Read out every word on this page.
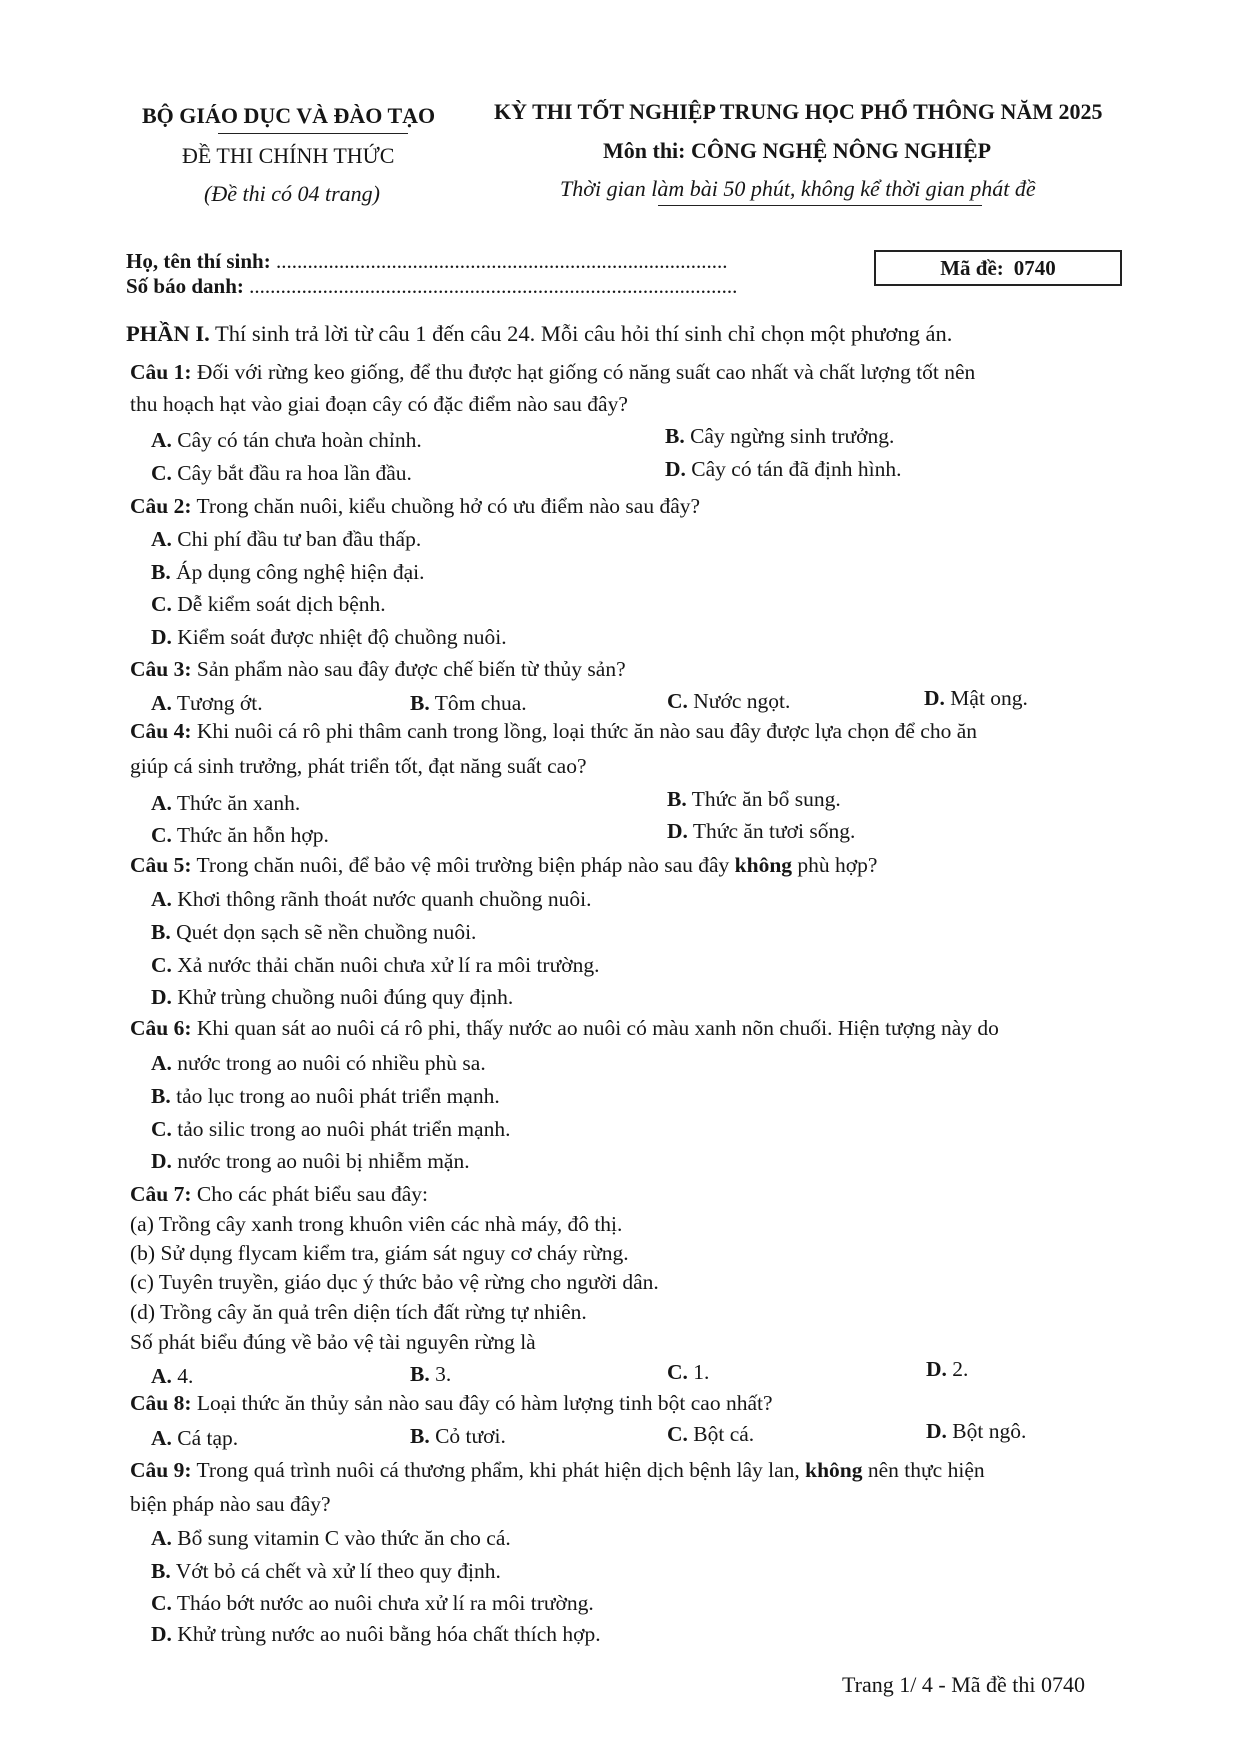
BỘ GIÁO DỤC VÀ ĐÀO TẠO
ĐỀ THI CHÍNH THỨC
(Đề thi có 04 trang)
KỲ THI TỐT NGHIỆP TRUNG HỌC PHỔ THÔNG NĂM 2025
Môn thi: CÔNG NGHỆ NÔNG NGHIỆP
Thời gian làm bài 50 phút, không kể thời gian phát đề
Họ, tên thí sinh: ......................................................................................
Số báo danh: .............................................................................................
Mã đề: 0740
PHẦN I. Thí sinh trả lời từ câu 1 đến câu 24. Mỗi câu hỏi thí sinh chỉ chọn một phương án.
Câu 1: Đối với rừng keo giống, để thu được hạt giống có năng suất cao nhất và chất lượng tốt nên
thu hoạch hạt vào giai đoạn cây có đặc điểm nào sau đây?
A. Cây có tán chưa hoàn chỉnh.	B. Cây ngừng sinh trưởng.
C. Cây bắt đầu ra hoa lần đầu.	D. Cây có tán đã định hình.
Câu 2: Trong chăn nuôi, kiểu chuồng hở có ưu điểm nào sau đây?
A. Chi phí đầu tư ban đầu thấp.
B. Áp dụng công nghệ hiện đại.
C. Dễ kiểm soát dịch bệnh.
D. Kiểm soát được nhiệt độ chuồng nuôi.
Câu 3: Sản phẩm nào sau đây được chế biến từ thủy sản?
A. Tương ớt.	B. Tôm chua.	C. Nước ngọt.	D. Mật ong.
Câu 4: Khi nuôi cá rô phi thâm canh trong lồng, loại thức ăn nào sau đây được lựa chọn để cho ăn
giúp cá sinh trưởng, phát triển tốt, đạt năng suất cao?
A. Thức ăn xanh.	B. Thức ăn bổ sung.
C. Thức ăn hỗn hợp.	D. Thức ăn tươi sống.
Câu 5: Trong chăn nuôi, để bảo vệ môi trường biện pháp nào sau đây không phù hợp?
A. Khơi thông rãnh thoát nước quanh chuồng nuôi.
B. Quét dọn sạch sẽ nền chuồng nuôi.
C. Xả nước thải chăn nuôi chưa xử lí ra môi trường.
D. Khử trùng chuồng nuôi đúng quy định.
Câu 6: Khi quan sát ao nuôi cá rô phi, thấy nước ao nuôi có màu xanh nõn chuối. Hiện tượng này do
A. nước trong ao nuôi có nhiều phù sa.
B. tảo lục trong ao nuôi phát triển mạnh.
C. tảo silic trong ao nuôi phát triển mạnh.
D. nước trong ao nuôi bị nhiễm mặn.
Câu 7: Cho các phát biểu sau đây:
(a) Trồng cây xanh trong khuôn viên các nhà máy, đô thị.
(b) Sử dụng flycam kiểm tra, giám sát nguy cơ cháy rừng.
(c) Tuyên truyền, giáo dục ý thức bảo vệ rừng cho người dân.
(d) Trồng cây ăn quả trên diện tích đất rừng tự nhiên.
Số phát biểu đúng về bảo vệ tài nguyên rừng là
A. 4.	B. 3.	C. 1.	D. 2.
Câu 8: Loại thức ăn thủy sản nào sau đây có hàm lượng tinh bột cao nhất?
A. Cá tạp.	B. Cỏ tươi.	C. Bột cá.	D. Bột ngô.
Câu 9: Trong quá trình nuôi cá thương phẩm, khi phát hiện dịch bệnh lây lan, không nên thực hiện
biện pháp nào sau đây?
A. Bổ sung vitamin C vào thức ăn cho cá.
B. Vớt bỏ cá chết và xử lí theo quy định.
C. Tháo bớt nước ao nuôi chưa xử lí ra môi trường.
D. Khử trùng nước ao nuôi bằng hóa chất thích hợp.
Trang 1/ 4 - Mã đề thi 0740
